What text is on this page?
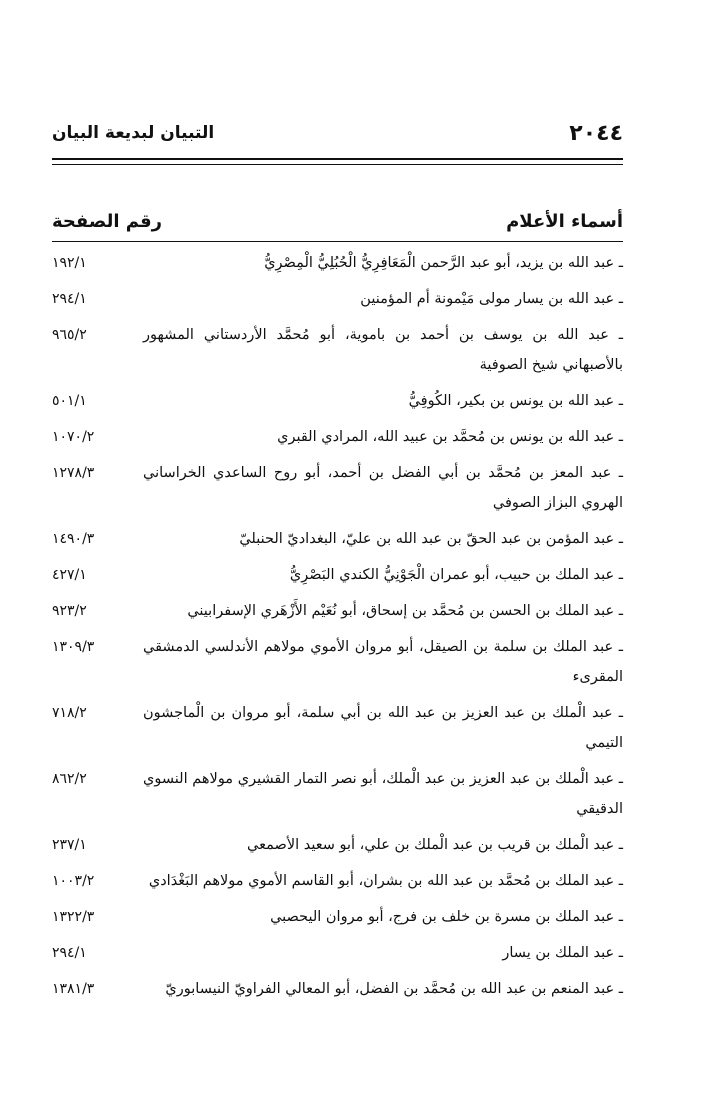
٢٠٤٤
التبيان لبديعة البيان
أسماء الأعلام
رقم الصفحة
ـ عبد الله بن يزيد، أبو عبد الرَّحمن الْمَعَافِرِيُّ الْحُبُلِيُّ الْمِصْرِيُّ
١٩٢/١
ـ عبد الله بن يسار مولى مَيْمونة أم المؤمنين
٢٩٤/١
ـ عبد الله بن يوسف بن أحمد بن باموية، أبو مُحمَّد الأردستاني المشهور بالأصبهاني شيخ الصوفية
٩٦٥/٢
ـ عبد الله بن يونس بن بكير، الكُوفِيُّ
٥٠١/١
ـ عبد الله بن يونس بن مُحمَّد بن عبيد الله، المرادي القبري
١٠٧٠/٢
ـ عبد المعز بن مُحمَّد بن أبي الفضل بن أحمد، أبو روح الساعدي الخراساني الهروي البزاز الصوفي
١٢٧٨/٣
ـ عبد المؤمن بن عبد الحقّ بن عبد الله بن عليّ، البغداديّ الحنبليّ
١٤٩٠/٣
ـ عبد الملك بن حبيب، أبو عمران الْجَوْنِيُّ الكندي البَصْرِيُّ
٤٢٧/١
ـ عبد الملك بن الحسن بن مُحمَّد بن إسحاق، أبو نُعَيْم الأَزْهَري الإسفرابيني
٩٢٣/٢
ـ عبد الملك بن سلمة بن الصيقل، أبو مروان الأموي مولاهم الأندلسي الدمشقي المقرىء
١٣٠٩/٣
ـ عبد الْملك بن عبد العزيز بن عبد الله بن أبي سلمة، أبو مروان بن الْماجشون التيمي
٧١٨/٢
ـ عبد الْملك بن عبد العزيز بن عبد الْملك، أبو نصر التمار القشيري مولاهم النسوي الدقيقي
٨٦٢/٢
ـ عبد الْملك بن قريب بن عبد الْملك بن علي، أبو سعيد الأصمعي
٢٣٧/١
ـ عبد الملك بن مُحمَّد بن عبد الله بن بشران، أبو القاسم الأموي مولاهم البَغْدَادي
١٠٠٣/٢
ـ عبد الملك بن مسرة بن خلف بن فرج، أبو مروان اليحصبي
١٣٢٢/٣
ـ عبد الملك بن يسار
٢٩٤/١
ـ عبد المنعم بن عبد الله بن مُحمَّد بن الفضل، أبو المعالي الفراويّ النيسابوريّ
١٣٨١/٣
